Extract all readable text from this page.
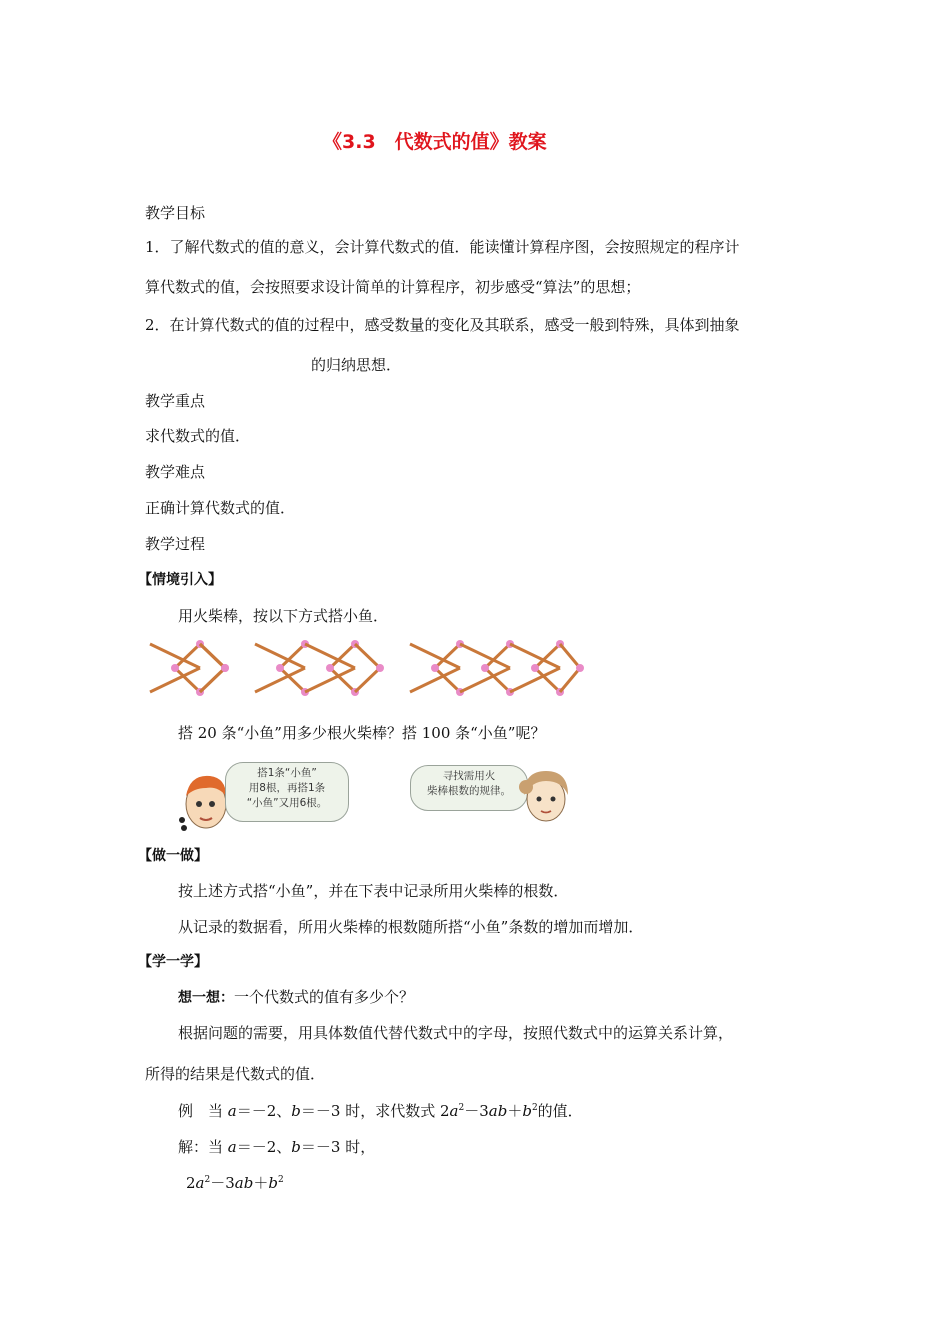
《3.3　代数式的值》教案
教学目标
1．了解代数式的值的意义，会计算代数式的值．能读懂计算程序图，会按照规定的程序计
算代数式的值，会按照要求设计简单的计算程序，初步感受“算法”的思想；
2．在计算代数式的值的过程中，感受数量的变化及其联系，感受一般到特殊，具体到抽象
的归纳思想．
教学重点
求代数式的值．
教学难点
正确计算代数式的值．
教学过程
【情境引入】
用火柴棒，按以下方式搭小鱼．
搭 20 条“小鱼”用多少根火柴棒？搭 100 条“小鱼”呢？
搭1条“小鱼”
用8根，再搭1条
“小鱼”又用6根。
寻找需用火
柴棒根数的规律。
【做一做】
按上述方式搭“小鱼”，并在下表中记录所用火柴棒的根数．
从记录的数据看，所用火柴棒的根数随所搭“小鱼”条数的增加而增加．
【学一学】
想一想：一个代数式的值有多少个？
根据问题的需要，用具体数值代替代数式中的字母，按照代数式中的运算关系计算，
所得的结果是代数式的值．
例　当 a＝－2、b＝－3 时，求代数式 $2a^2-3ab+b^2$的值．
解：当 a＝－2、b＝－3 时，
$2a^2-3ab+b^2$
